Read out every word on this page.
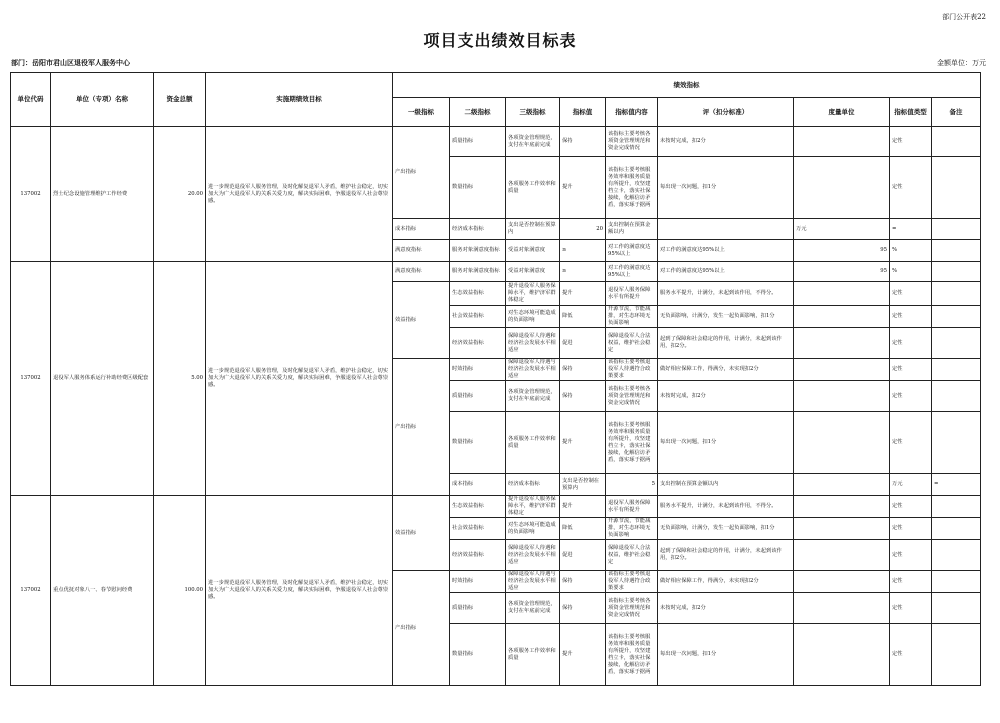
部门公开表22
项目支出绩效目标表
部门：岳阳市君山区退役军人服务中心	金额单位：万元
单位代码	单位（专项）名称	资金总额	实施期绩效目标	绩效指标									
				一级指标	二级指标	三级指标	指标值	指标值内容	评（扣分标准）	度量单位	指标值类型	备注	
137002	烈士纪念设施管理维护工作经费	20.00	进一步规范退役军人服务管理，及时化解复退军人矛盾，维护社会稳定，切实加大为广大退役军人的关系关爱力度，解决实际困难，争服退役军人社会尊崇感。	产出指标	质量指标	各项资金管理规范，支付在年底前完成	保持	该指标主要考核各项资金管理规范和资金完成情况	未按时完成，扣2分		定性		
					数量指标	各项服务工作效率和质量	提升	该指标主要考核服务效率和服务质量有所提升，攻坚建档立卡，落实社保接续，化解信访矛盾，落实琢于据两	每出现一次问题，扣1分		定性		
				成本指标	经济成本指标	支出是否控制在预算内	20	支出控制在预算金额以内		万元	=		
				满意度指标	服务对象满意度指标	受益对象满意度	≥	对工作的满意度达95%以上	对工作的满意度达95%以上	95	%		
137002	退役军人服务体系运行补助经费区级配套	5.00	进一步规范退役军人服务管理，及时化解复退军人矛盾，维护社会稳定，切实加大为广大退役军人的关系关爱力度，解决实际困难，争服退役军人社会尊崇感。	满意度指标	服务对象满意度指标	受益对象满意度	≥	对工作的满意度达95%以上	对工作的满意度达95%以上	95	%		
				效益指标	生态效益指标	提升退役军人服务保障水平，维护济军群体稳定	提升	退役军人服务保障水平有所提升	服务水平提升，计满分，未起到该作用，不得分。		定性		
					社会效益指标	对生态环境可能造成的负面影响	降低	开源节流，节能减排，对生态环境无负面影响	无负面影响，计满分，发生一起负面影响，扣1分		定性		
					经济效益指标	保障退役军人待遇和经济社会发展水平相适应	促进	保障退役军人合法权益，维护社会稳定	起到了保障和社会稳定的作用，计满分，未起到该作用，扣2分。		定性		
				产出指标	时效指标	保障退役军人待遇与经济社会发展水平相适应	保持	该指标主要考核退役军人待遇符合政策要求	做好相应保障工作，得满分，未实现扣2分		定性		
					质量指标	各项资金管理规范，支付在年底前完成	保持	该指标主要考核各项资金管理规范和资金完成情况	未按时完成，扣2分		定性		
					数量指标	各项服务工作效率和质量	提升	该指标主要考核服务效率和服务质量有所提升，攻坚建档立卡，落实社保接续，化解信访矛盾，落实琢于据两	每出现一次问题，扣1分		定性		
					成本指标	经济成本指标	支出是否控制在预算内	5	支出控制在预算金额以内		万元	=	
137002	重点优抚对象八一、春节慰问经费	100.00	进一步规范退役军人服务管理，及时化解复退军人矛盾，维护社会稳定，切实加大为广大退役军人的关系关爱力度，解决实际困难，争服退役军人社会尊崇感。	效益指标	生态效益指标	提升退役军人服务保障水平，维护济军群体稳定	提升	退役军人服务保障水平有所提升	服务水平提升，计满分，未起到该作用，不得分。		定性		
					社会效益指标	对生态环境可能造成的负面影响	降低	开源节流，节能减排，对生态环境无负面影响	无负面影响，计满分，发生一起负面影响，扣1分		定性		
					经济效益指标	保障退役军人待遇和经济社会发展水平相适应	促进	保障退役军人合法权益，维护社会稳定	起到了保障和社会稳定的作用，计满分，未起到该作用，扣2分。		定性		
				产出指标	时效指标	保障退役军人待遇与经济社会发展水平相适应	保持	该指标主要考核退役军人待遇符合政策要求	做好相应保障工作，得满分，未实现扣2分		定性		
					质量指标	各项资金管理规范，支付在年底前完成	保持	该指标主要考核各项资金管理规范和资金完成情况	未按时完成，扣2分		定性		
					数量指标	各项服务工作效率和质量	提升	该指标主要考核服务效率和服务质量有所提升，攻坚建档立卡，落实社保接续，化解信访矛盾，落实琢于据两	每出现一次问题，扣1分		定性		
